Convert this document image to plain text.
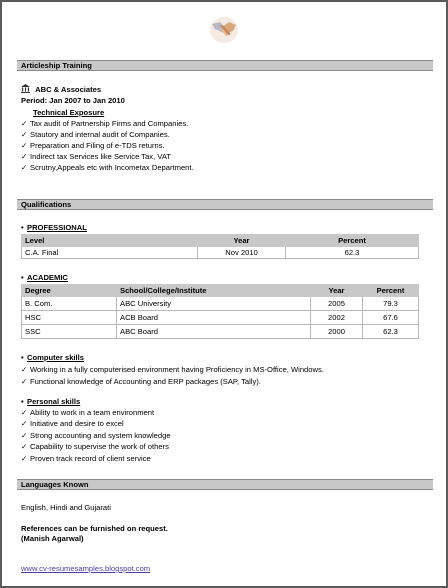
Articleship Training
ABC & Associates
Period: Jan 2007 to Jan 2010
Technical Exposure
✓ Tax audit of Partnership Firms and Companies.
✓ Stautory and internal audit of Companies.
✓ Preparation and Filing of e-TDS returns.
✓ Indirect tax Services like Service Tax, VAT
✓ Scrutny,Appeals etc with Incometax Department.
Qualifications
• PROFESSIONAL
Level	Year	Percent
C.A. Final	Nov 2010	62.3
• ACADEMIC
Degree	School/College/Institute	Year	Percent
B. Com.	ABC University	2005	79.3
HSC	ACB Board	2002	67.6
SSC	ABC Board	2000	62.3
• Computer skills
✓ Working in a fully computerised environment having Proficiency in MS-Office, Windows.
✓ Functional knowledge of Accounting and ERP packages (SAP, Tally).
• Personal skills
✓ Ability to work in a team environment
✓ Initiative and desire to excel
✓ Strong accounting and system knowledge
✓ Capability to supervise the work of others
✓ Proven track record of client service
Languages Known
English, Hindi and Gujarati
References can be furnished on request.
(Manish Agarwal)
www.cv-resumesamples.blogspot.com
